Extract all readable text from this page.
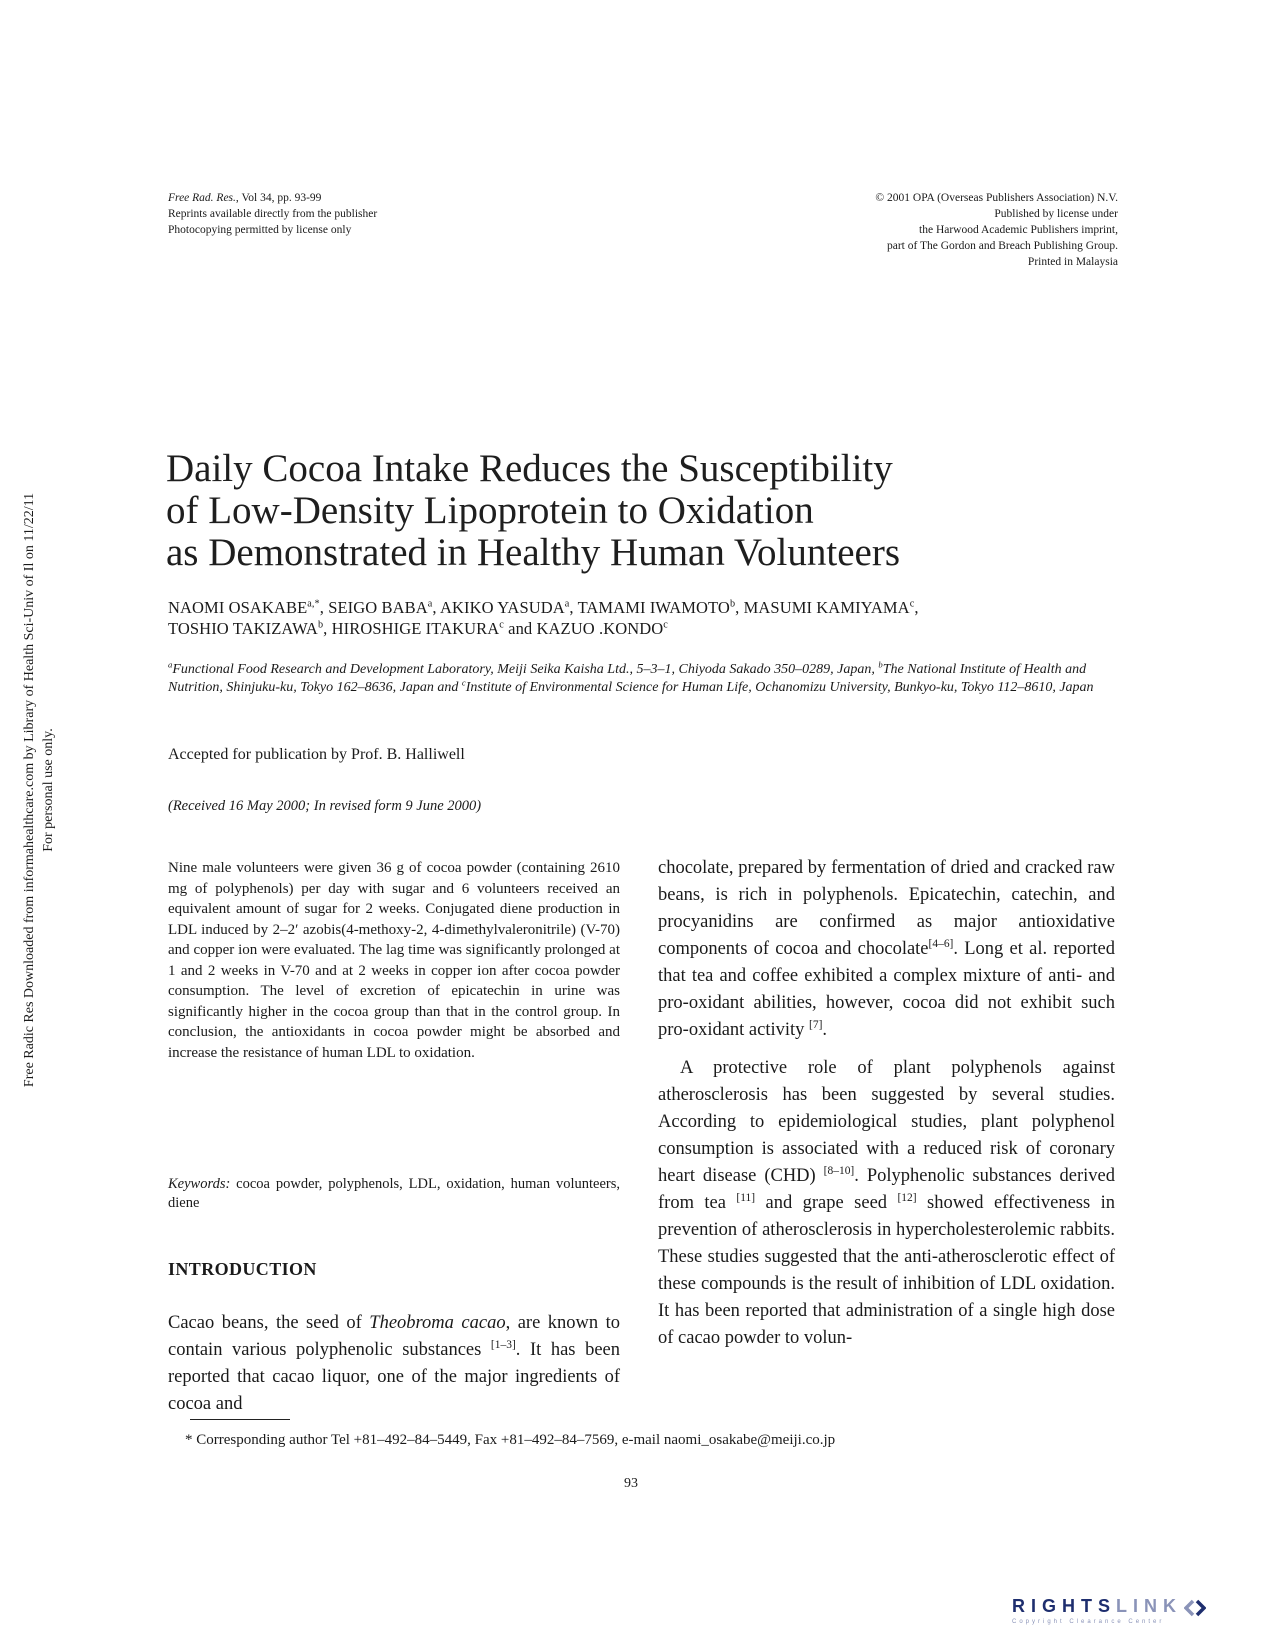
Free Rad. Res., Vol 34, pp. 93-99
Reprints available directly from the publisher
Photocopying permitted by license only
© 2001 OPA (Overseas Publishers Association) N.V.
Published by license under
the Harwood Academic Publishers imprint,
part of The Gordon and Breach Publishing Group.
Printed in Malaysia
Free Radic Res Downloaded from informahealthcare.com by Library of Health Sci-Univ of Il on 11/22/11 For personal use only.
Daily Cocoa Intake Reduces the Susceptibility
of Low-Density Lipoprotein to Oxidation
as Demonstrated in Healthy Human Volunteers
NAOMI $OSAKABE^{a,*}$, SEIGO BABA$^a$, AKIKO YASUDA$^a$, TAMAMI IWAMOTO$^b$, MASUMI KAMIYAMA$^c$,
TOSHIO TAKIZAWA$^b$, HIROSHIGE ITAKURA$^c$ and KAZUO .KONDO$^c$
$^a$Functional Food Research and Development Laboratory, Meiji Seika Kaisha Ltd., 5–3–1, Chiyoda Sakado 350–0289, Japan, $^b$The National Institute of Health and Nutrition, Shinjuku-ku, Tokyo 162–8636, Japan and $^c$Institute of Environmental Science for Human Life, Ochanomizu University, Bunkyo-ku, Tokyo 112–8610, Japan
Accepted for publication by Prof. B. Halliwell
(Received 16 May 2000; In revised form 9 June 2000)
Nine male volunteers were given 36 g of cocoa powder (containing 2610 mg of polyphenols) per day with sugar and 6 volunteers received an equivalent amount of sugar for 2 weeks. Conjugated diene production in LDL induced by 2–2′ azobis(4-methoxy-2, 4-dimethylvaleronitrile) (V-70) and copper ion were evaluated. The lag time was significantly prolonged at 1 and 2 weeks in V-70 and at 2 weeks in copper ion after cocoa powder consumption. The level of excretion of epicatechin in urine was significantly higher in the cocoa group than that in the control group. In conclusion, the antioxidants in cocoa powder might be absorbed and increase the resistance of human LDL to oxidation.
Keywords: cocoa powder, polyphenols, LDL, oxidation, human volunteers, diene
INTRODUCTION
Cacao beans, the seed of Theobroma cacao, are known to contain various polyphenolic substances [1–3]. It has been reported that cacao liquor, one of the major ingredients of cocoa and

chocolate, prepared by fermentation of dried and cracked raw beans, is rich in polyphenols. Epicatechin, catechin, and procyanidins are confirmed as major antioxidative components of cocoa and chocolate[4–6]. Long et al. reported that tea and coffee exhibited a complex mixture of anti- and pro-oxidant abilities, however, cocoa did not exhibit such pro-oxidant activity [7].

A protective role of plant polyphenols against atherosclerosis has been suggested by several studies. According to epidemiological studies, plant polyphenol consumption is associated with a reduced risk of coronary heart disease (CHD) [8–10]. Polyphenolic substances derived from tea [11] and grape seed [12] showed effectiveness in prevention of atherosclerosis in hypercholesterolemic rabbits. These studies suggested that the anti-atherosclerotic effect of these compounds is the result of inhibition of LDL oxidation. It has been reported that administration of a single high dose of cacao powder to volun-

* Corresponding author Tel +81–492–84–5449, Fax +81–492–84–7569, e-mail naomi_osakabe@meiji.co.jp
93
RIGHTSLINK
Copyright Clearance Center
